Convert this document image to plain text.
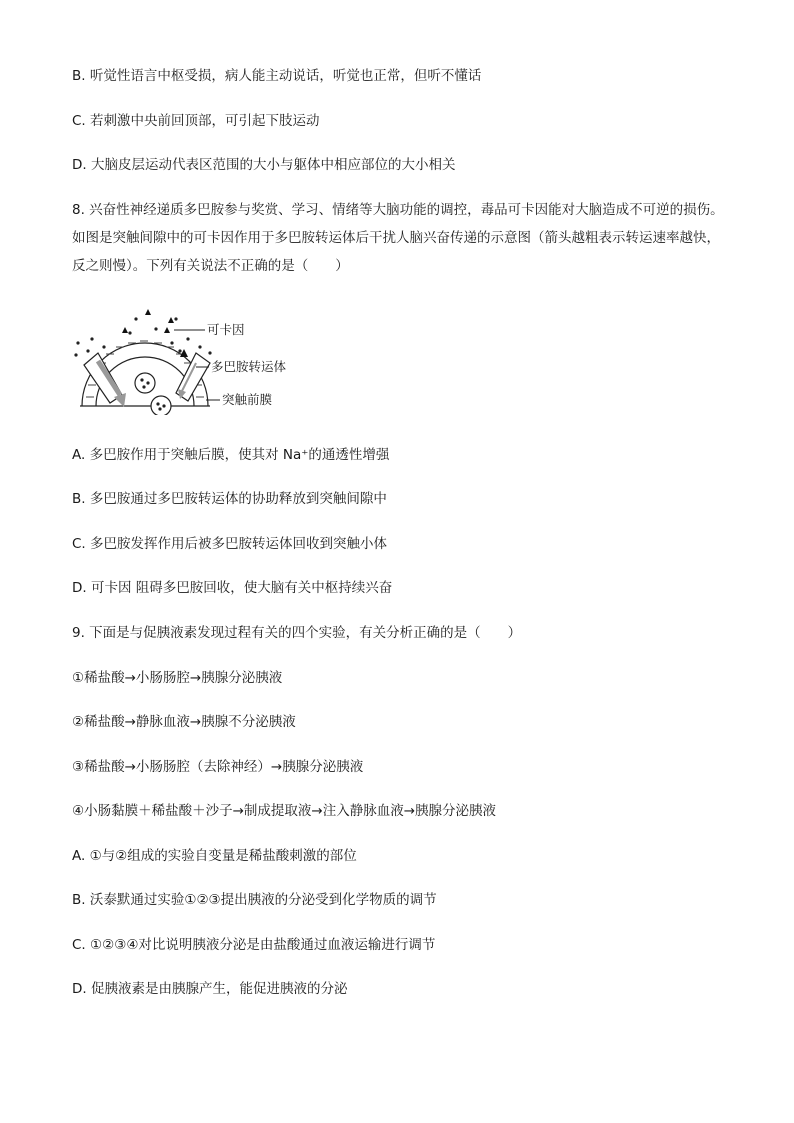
B. 听觉性语言中枢受损，病人能主动说话，听觉也正常，但听不懂话
C. 若刺激中央前回顶部，可引起下肢运动
D. 大脑皮层运动代表区范围的大小与躯体中相应部位的大小相关
8. 兴奋性神经递质多巴胺参与奖赏、学习、情绪等大脑功能的调控，毒品可卡因能对大脑造成不可逆的损伤。如图是突触间隙中的可卡因作用于多巴胺转运体后干扰人脑兴奋传递的示意图（箭头越粗表示转运速率越快，反之则慢）。下列有关说法不正确的是（　　）
可卡因
多巴胺转运体
突触前膜
A. 多巴胺作用于突触后膜，使其对 Na⁺的通透性增强
B. 多巴胺通过多巴胺转运体的协助释放到突触间隙中
C. 多巴胺发挥作用后被多巴胺转运体回收到突触小体
D. 可卡因 阻碍多巴胺回收，使大脑有关中枢持续兴奋
9. 下面是与促胰液素发现过程有关的四个实验，有关分析正确的是（　　）
①稀盐酸→小肠肠腔→胰腺分泌胰液
②稀盐酸→静脉血液→胰腺不分泌胰液
③稀盐酸→小肠肠腔（去除神经）→胰腺分泌胰液
④小肠黏膜＋稀盐酸＋沙子→制成提取液→注入静脉血液→胰腺分泌胰液
A. ①与②组成的实验自变量是稀盐酸刺激的部位
B. 沃泰默通过实验①②③提出胰液的分泌受到化学物质的调节
C. ①②③④对比说明胰液分泌是由盐酸通过血液运输进行调节
D. 促胰液素是由胰腺产生，能促进胰液的分泌
